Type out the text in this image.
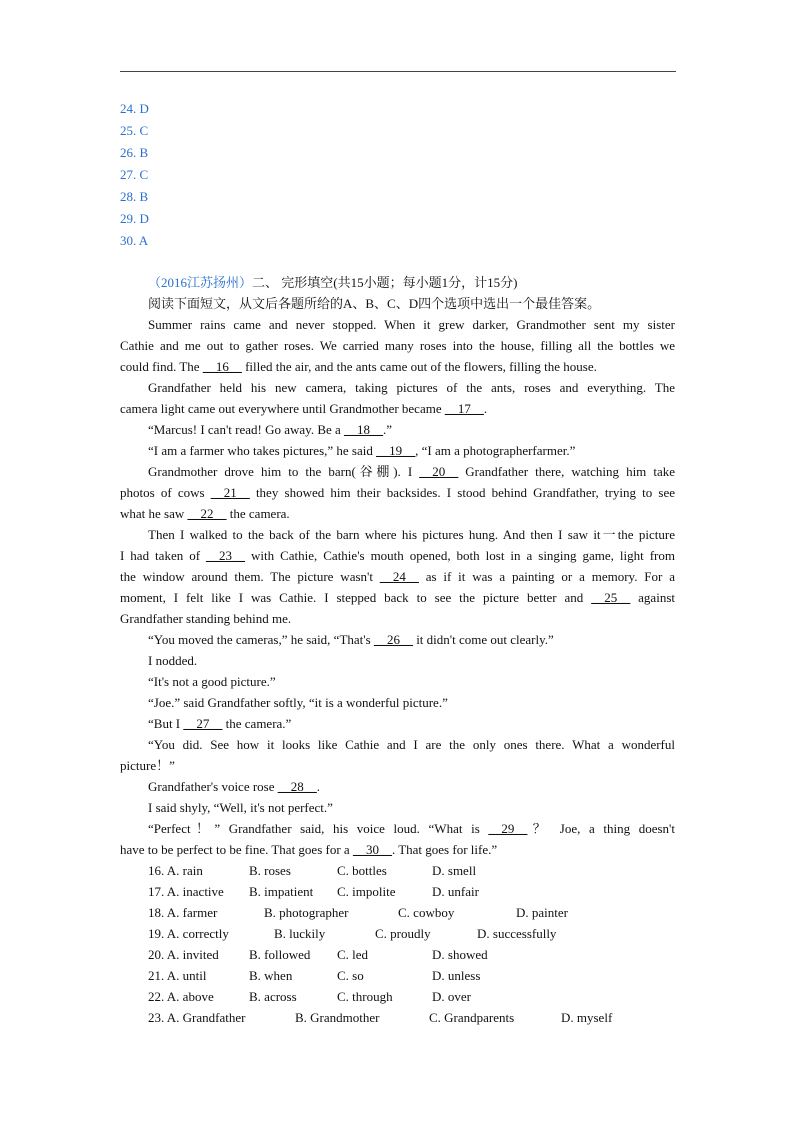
24. D
25. C
26. B
27. C
28. B
29. D
30. A
（2016江苏扬州）二、 完形填空(共15小题；每小题1分，计15分)
阅读下面短文，从文后各题所给的A、B、C、D四个选项中选出一个最佳答案。
Summer rains came and never stopped. When it grew darker, Grandmother sent my sister
Cathie and me out to gather roses. We carried many roses into the house, filling all the bottles we
could find. The __16__ filled the air, and the ants came out of the flowers, filling the house.
Grandfather held his new camera, taking pictures of the ants, roses and everything. The
camera light came out everywhere until Grandmother became __17__.
“Marcus! I can't read! Go away. Be a __18__.”
“I am a farmer who takes pictures,” he said __19__, “I am a photographerfarmer.”
Grandmother drove him to the barn(谷棚). I __20__ Grandfather there, watching him take
photos of cows __21__ they showed him their backsides. I stood behind Grandfather, trying to see
what he saw __22__ the camera.
Then I walked to the back of the barn where his pictures hung. And then I saw it一the picture
I had taken of __23__ with Cathie, Cathie's mouth opened, both lost in a singing game, light from
the window around them. The picture wasn't __24__ as if it was a painting or a memory. For a
moment, I felt like I was Cathie. I stepped back to see the picture better and __25__ against
Grandfather standing behind me.
“You moved the cameras,” he said, “That's __26__ it didn't come out clearly.”
I nodded.
“It's not a good picture.”
“Joe.” said Grandfather softly, “it is a wonderful picture.”
“But I __27__ the camera.”
“You did. See how it looks like Cathie and I are the only ones there. What a wonderful
picture！”
Grandfather's voice rose __28__.
I said shyly, “Well, it's not perfect.”
“Perfect！” Grandfather said, his voice loud. “What is __29__？ Joe, a thing doesn't
have to be perfect to be fine. That goes for a __30__. That goes for life.”
16. A. rain	B. roses	C. bottles	D. smell
17. A. inactive B. impatient C. impolite	D. unfair
18. A. farmer	B. photographer	C. cowboy	D. painter
19. A. correctly	B. luckily	C. proudly	D. successfully
20. A. invited B. followed C. led	D. showed
21. A. until	B. when	C. so	D. unless
22. A. above	B. across	C. through	D. over
23. A. Grandfather	B. Grandmother	C. Grandparents	D. myself
